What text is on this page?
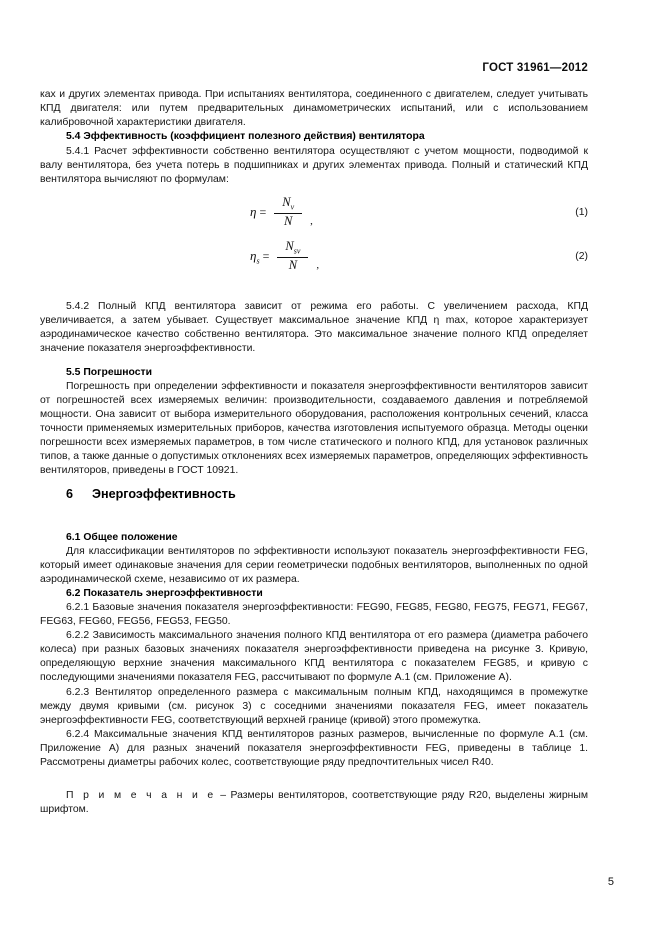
ГОСТ 31961—2012

ках и других элементах привода. При испытаниях вентилятора, соединенного с двигателем, следует учитывать КПД двигателя: или путем предварительных динамометрических испытаний, или с использованием калибровочной характеристики двигателя.

5.4 Эффективность (коэффициент полезного действия) вентилятора

5.4.1 Расчет эффективности собственно вентилятора осуществляют с учетом мощности, подводимой к валу вентилятора, без учета потерь в подшипниках и других элементах привода. Полный и статический КПД вентилятора вычисляют по формулам:

$\eta = \frac{N_v}{N}$ ,
(1)
$\eta_s = \frac{N_{sv}}{N}$ ,
(2)

5.4.2 Полный КПД вентилятора зависит от режима его работы. С увеличением расхода, КПД увеличивается, а затем убывает. Существует максимальное значение КПД η max, которое характеризует аэродинамическое качество собственно вентилятора. Это максимальное значение полного КПД определяет значение показателя энергоэффективности.

5.5 Погрешности

Погрешность при определении эффективности и показателя энергоэффективности вентиляторов зависит от погрешностей всех измеряемых величин: производительности, создаваемого давления и потребляемой мощности. Она зависит от выбора измерительного оборудования, расположения контрольных сечений, класса точности применяемых измерительных приборов, качества изготовления испытуемого образца. Методы оценки погрешности всех измеряемых параметров, в том числе статического и полного КПД, для установок различных типов, а также данные о допустимых отклонениях всех измеряемых параметров, определяющих эффективность вентиляторов, приведены в ГОСТ 10921.

6 Энергоэффективность

6.1 Общее положение

Для классификации вентиляторов по эффективности используют показатель энергоэффективности FEG, который имеет одинаковые значения для серии геометрически подобных вентиляторов, выполненных по одной аэродинамической схеме, независимо от их размера.

6.2 Показатель энергоэффективности

6.2.1 Базовые значения показателя энергоэффективности: FEG90, FEG85, FEG80, FEG75, FEG71, FEG67, FEG63, FEG60, FEG56, FEG53, FEG50.

6.2.2 Зависимость максимального значения полного КПД вентилятора от его размера (диаметра рабочего колеса) при разных базовых значениях показателя энергоэффективности приведена на рисунке 3. Кривую, определяющую верхние значения максимального КПД вентилятора с показателем FEG85, и кривую с последующими значениями показателя FEG, рассчитывают по формуле А.1 (см. Приложение А).

6.2.3 Вентилятор определенного размера с максимальным полным КПД, находящимся в промежутке между двумя кривыми (см. рисунок 3) с соседними значениями показателя FEG, имеет показатель энергоэффективности FEG, соответствующий верхней границе (кривой) этого промежутка.

6.2.4 Максимальные значения КПД вентиляторов разных размеров, вычисленные по формуле А.1 (см. Приложение А) для разных значений показателя энергоэффективности FEG, приведены в таблице 1. Рассмотрены диаметры рабочих колес, соответствующие ряду предпочтительных чисел R40.

П р и м е ч а н и е – Размеры вентиляторов, соответствующие ряду R20, выделены жирным шрифтом.

5
